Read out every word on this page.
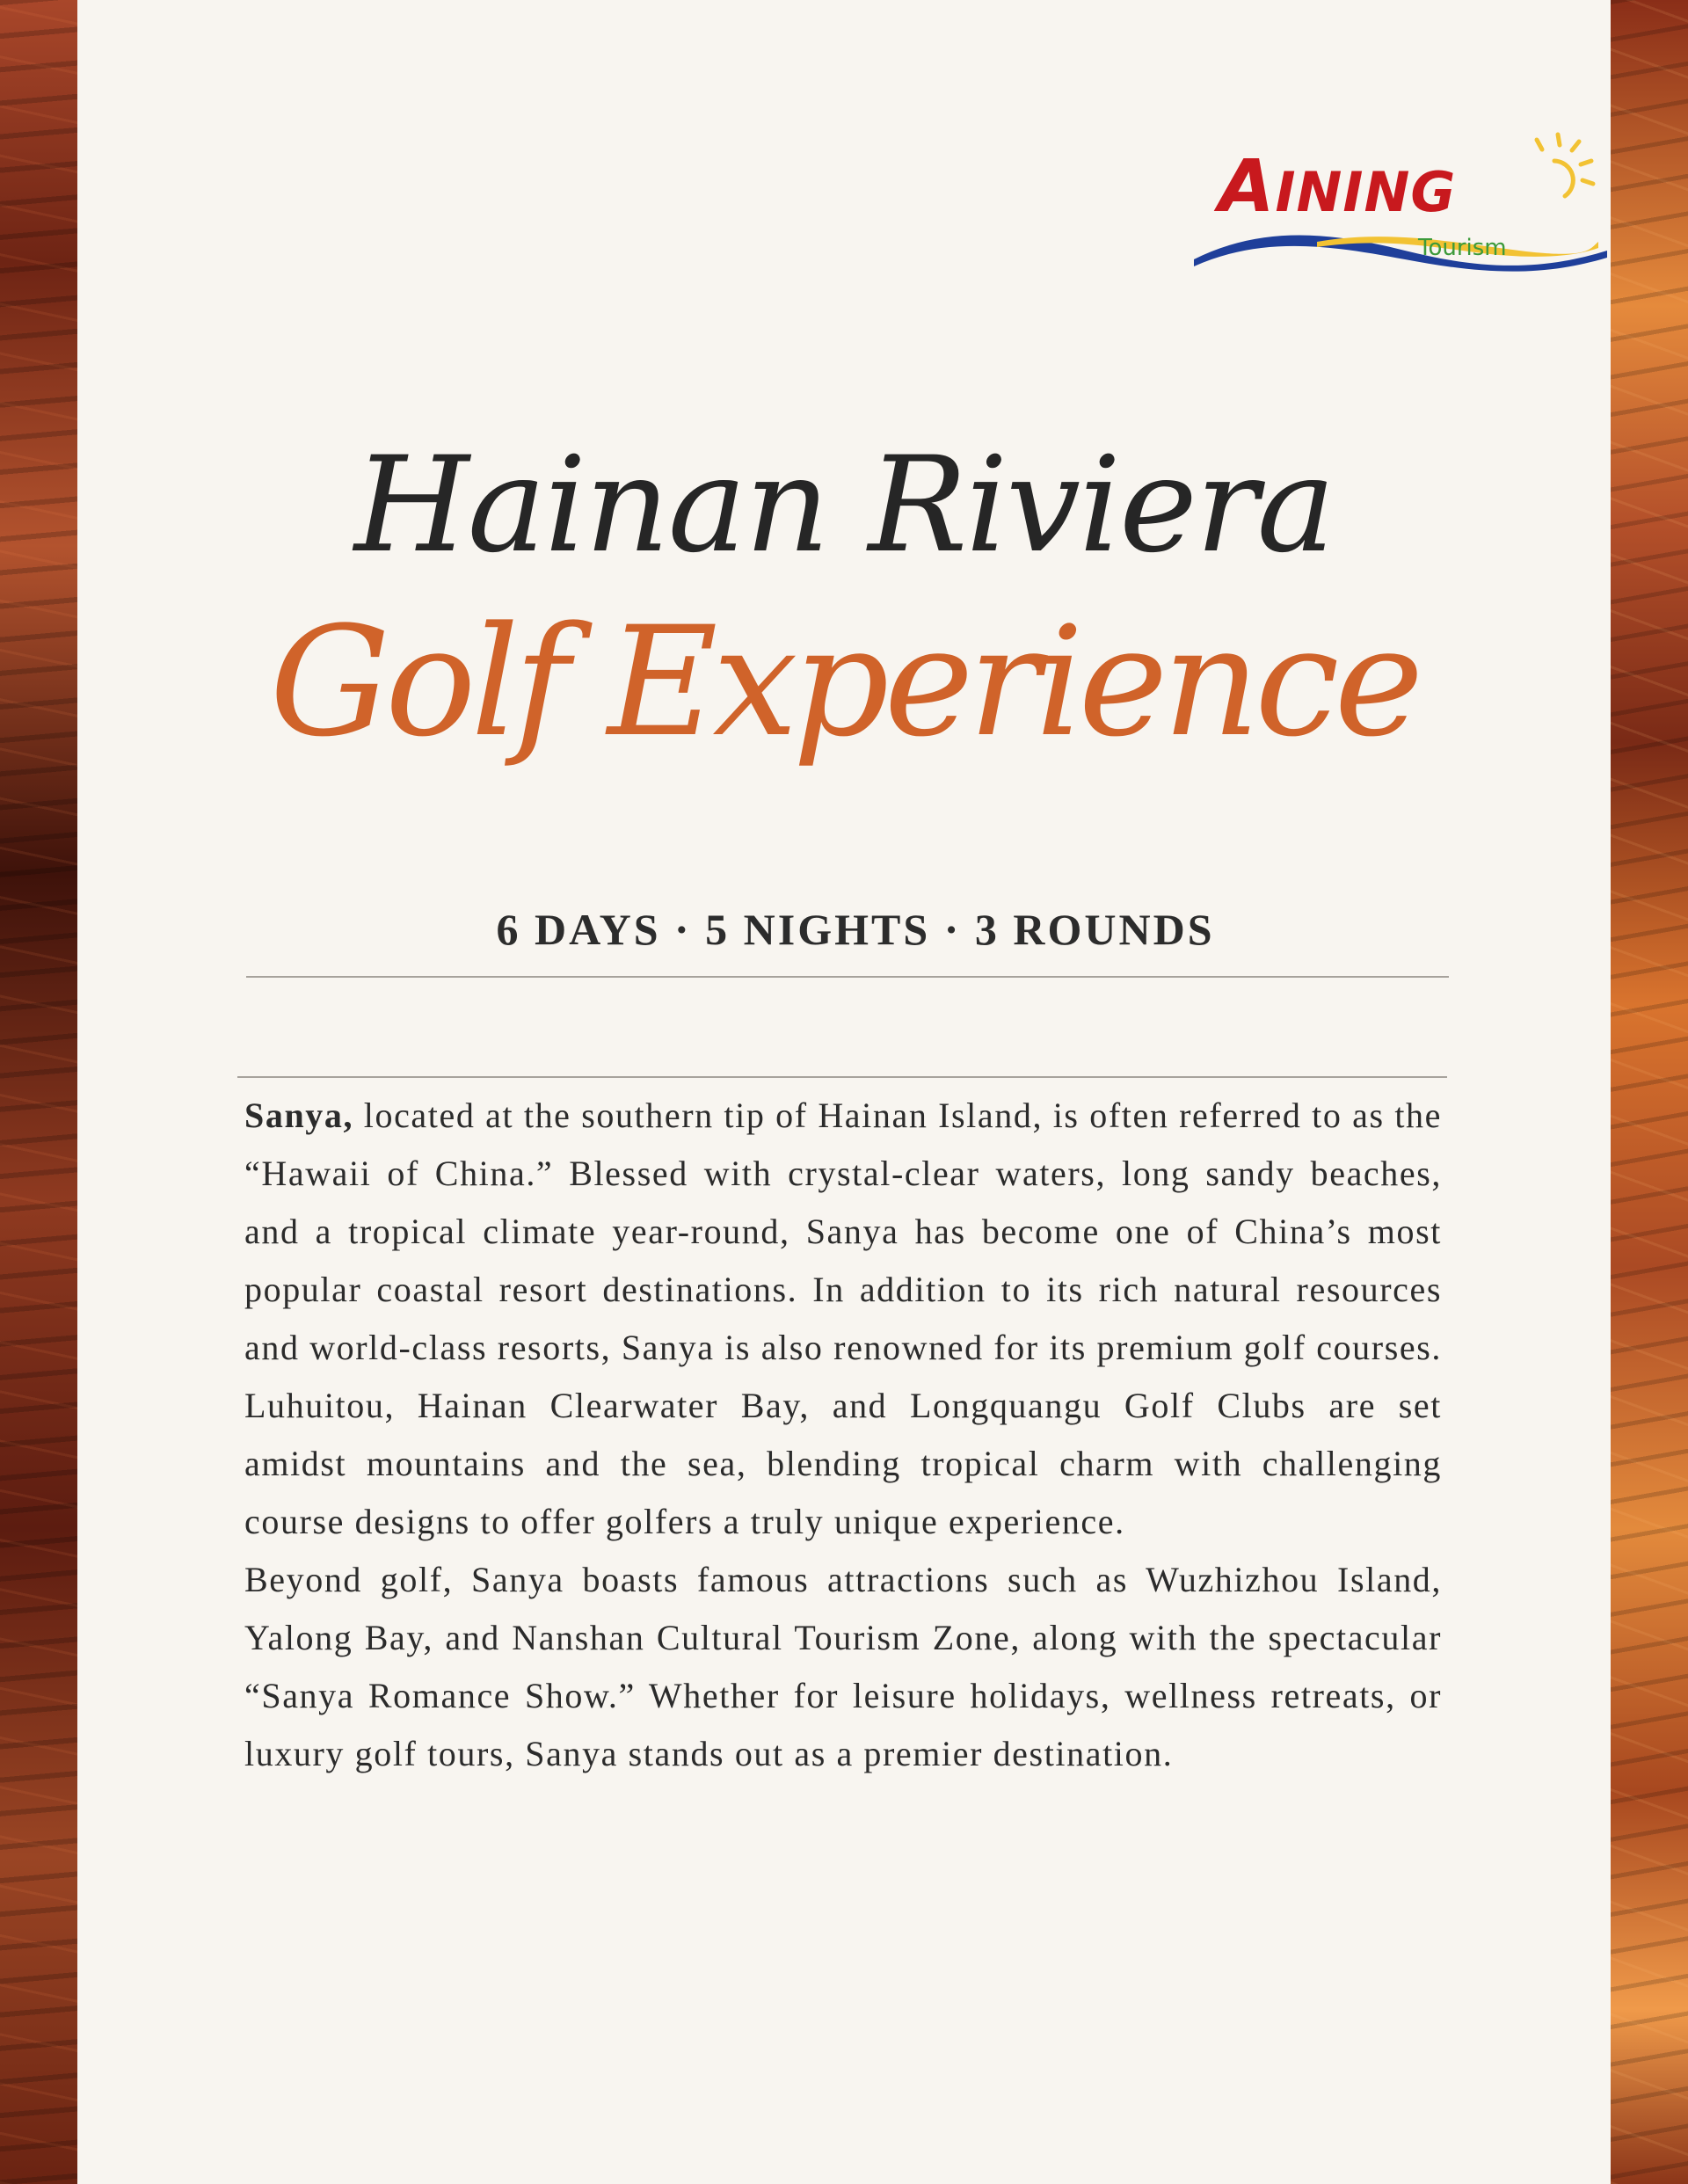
AINING
Tourism
Hainan Riviera
Golf Experience
6 DAYS · 5 NIGHTS · 3 ROUNDS

Sanya, located at the southern tip of Hainan Island, is often referred to as the “Hawaii of China.” Blessed with crystal-clear waters, long sandy beaches, and a tropical climate year-round, Sanya has become one of China’s most popular coastal resort destinations. In addition to its rich natural resources and world-class resorts, Sanya is also renowned for its premium golf courses. Luhuitou, Hainan Clearwater Bay, and Longquangu Golf Clubs are set amidst mountains and the sea, blending tropical charm with challenging course designs to offer golfers a truly unique experience.

Beyond golf, Sanya boasts famous attractions such as Wuzhizhou Island, Yalong Bay, and Nanshan Cultural Tourism Zone, along with the spectacular “Sanya Romance Show.” Whether for leisure holidays, wellness retreats, or luxury golf tours, Sanya stands out as a premier destination.
